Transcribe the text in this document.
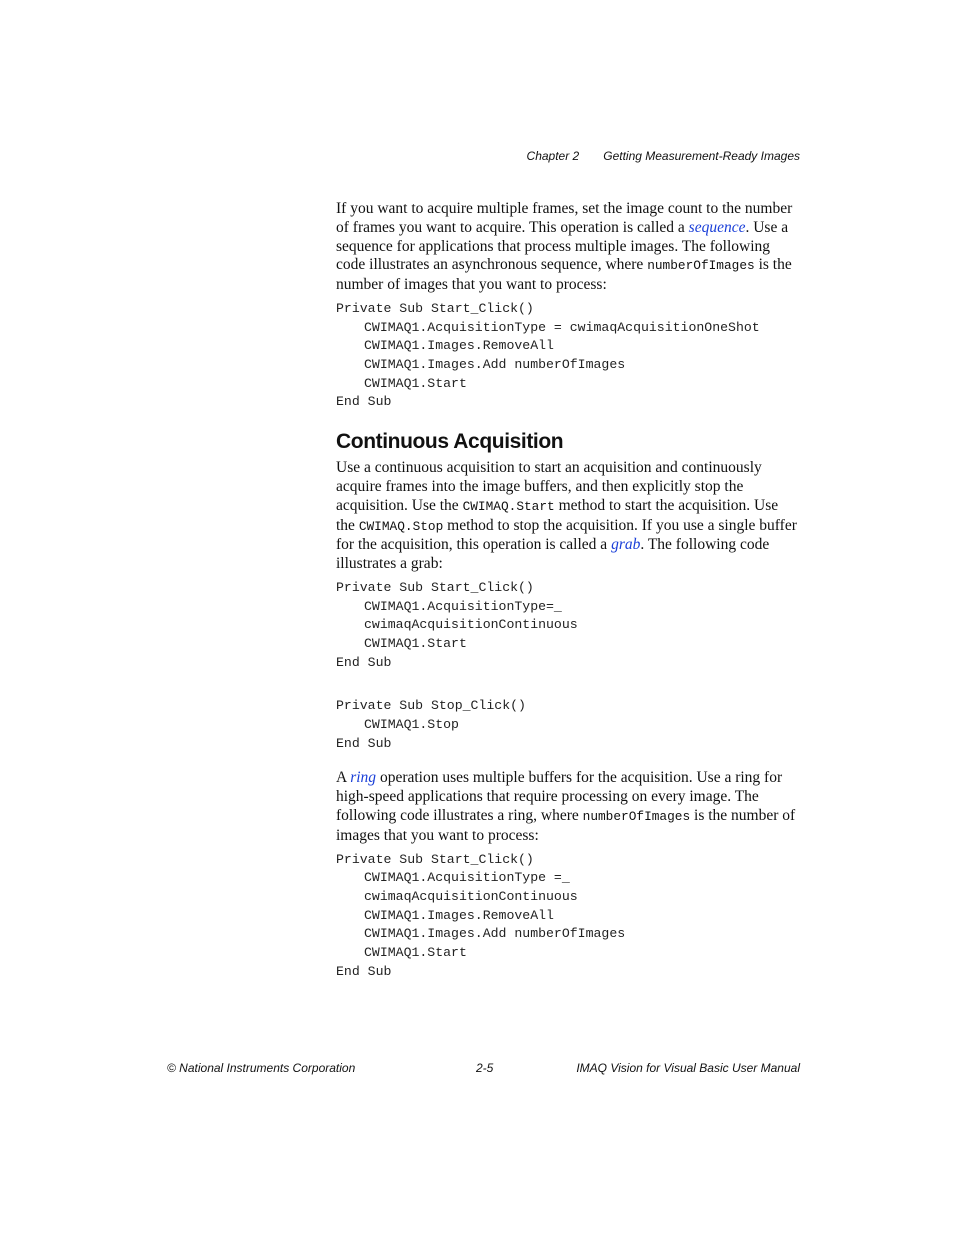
Chapter 2 Getting Measurement-Ready Images

If you want to acquire multiple frames, set the image count to the number of frames you want to acquire. This operation is called a sequence. Use a sequence for applications that process multiple images. The following code illustrates an asynchronous sequence, where numberOfImages is the number of images that you want to process:

Private Sub Start_Click()
CWIMAQ1.AcquisitionType = cwimaqAcquisitionOneShot
CWIMAQ1.Images.RemoveAll
CWIMAQ1.Images.Add numberOfImages
CWIMAQ1.Start
End Sub
Continuous Acquisition

Use a continuous acquisition to start an acquisition and continuously acquire frames into the image buffers, and then explicitly stop the acquisition. Use the CWIMAQ.Start method to start the acquisition. Use the CWIMAQ.Stop method to stop the acquisition. If you use a single buffer for the acquisition, this operation is called a grab. The following code illustrates a grab:

Private Sub Start_Click()
CWIMAQ1.AcquisitionType=_
cwimaqAcquisitionContinuous
CWIMAQ1.Start
End Sub
Private Sub Stop_Click()
CWIMAQ1.Stop
End Sub

A ring operation uses multiple buffers for the acquisition. Use a ring for high-speed applications that require processing on every image. The following code illustrates a ring, where numberOfImages is the number of images that you want to process:

Private Sub Start_Click()
CWIMAQ1.AcquisitionType =_
cwimaqAcquisitionContinuous
CWIMAQ1.Images.RemoveAll
CWIMAQ1.Images.Add numberOfImages
CWIMAQ1.Start
End Sub
© National Instruments Corporation	2-5	IMAQ Vision for Visual Basic User Manual
